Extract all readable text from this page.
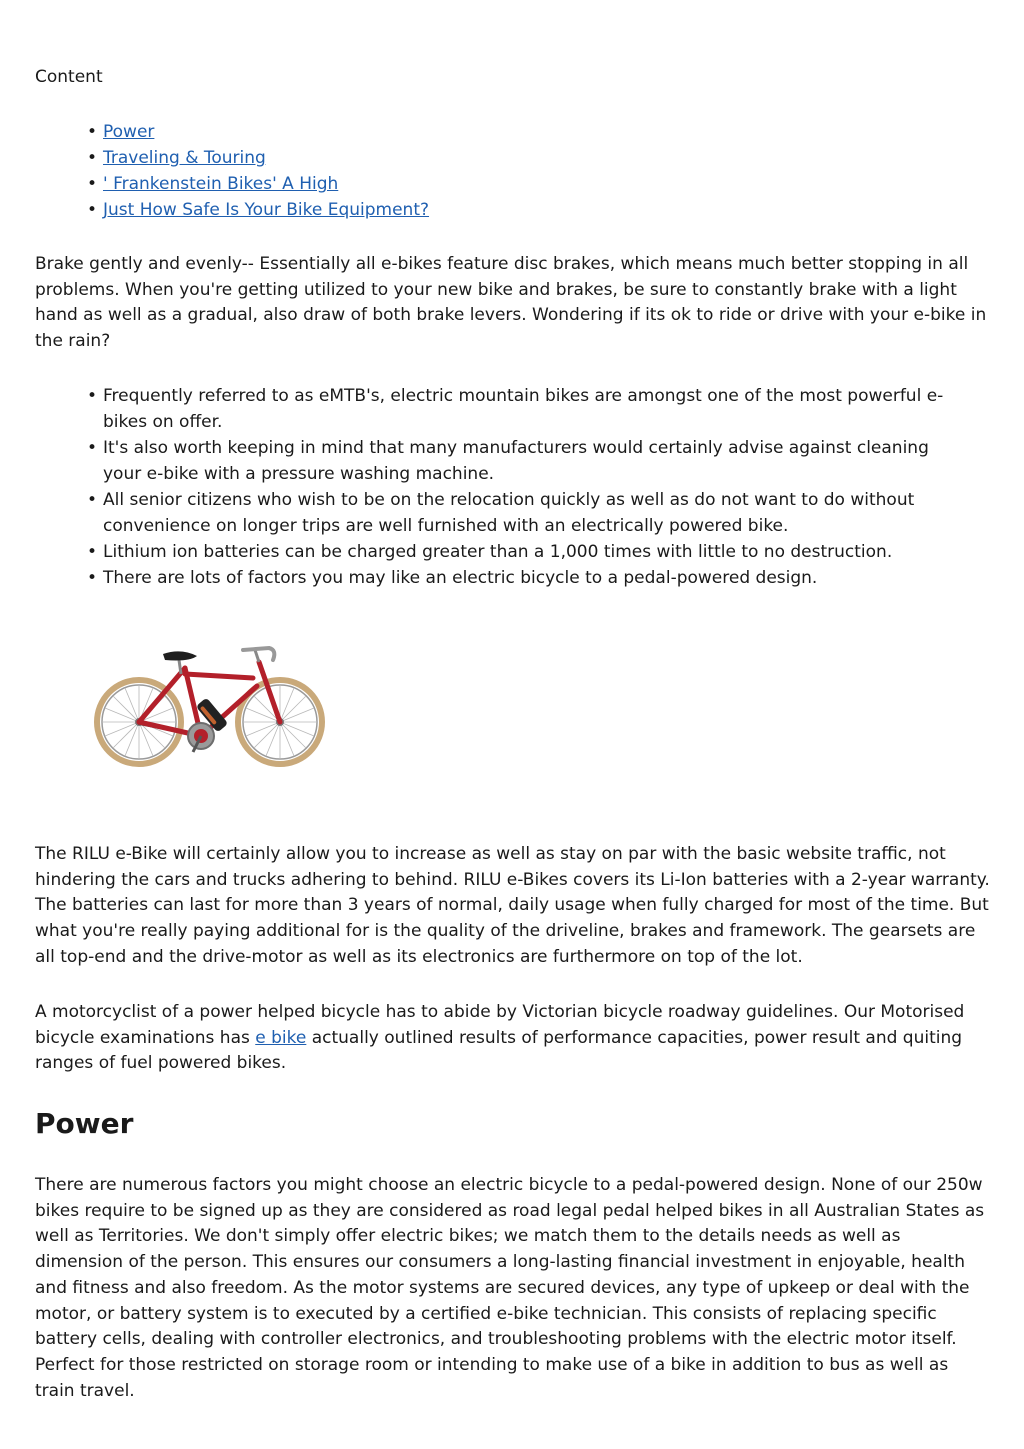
Content
• Power
• Traveling & Touring
• ' Frankenstein Bikes' A High
• Just How Safe Is Your Bike Equipment?

Brake gently and evenly-- Essentially all e-bikes feature disc brakes, which means much better stopping in all problems. When you're getting utilized to your new bike and brakes, be sure to constantly brake with a light hand as well as a gradual, also draw of both brake levers. Wondering if its ok to ride or drive with your e-bike in the rain?

• Frequently referred to as eMTB's, electric mountain bikes are amongst one of the most powerful e-bikes on offer.
• It's also worth keeping in mind that many manufacturers would certainly advise against cleaning your e-bike with a pressure washing machine.
• All senior citizens who wish to be on the relocation quickly as well as do not want to do without convenience on longer trips are well furnished with an electrically powered bike.
• Lithium ion batteries can be charged greater than a 1,000 times with little to no destruction.
• There are lots of factors you may like an electric bicycle to a pedal-powered design.

The RILU e-Bike will certainly allow you to increase as well as stay on par with the basic website traffic, not hindering the cars and trucks adhering to behind. RILU e-Bikes covers its Li-Ion batteries with a 2-year warranty. The batteries can last for more than 3 years of normal, daily usage when fully charged for most of the time. But what you're really paying additional for is the quality of the driveline, brakes and framework. The gearsets are all top-end and the drive-motor as well as its electronics are furthermore on top of the lot.

A motorcyclist of a power helped bicycle has to abide by Victorian bicycle roadway guidelines. Our Motorised bicycle examinations has e bike actually outlined results of performance capacities, power result and quiting ranges of fuel powered bikes.

Power

There are numerous factors you might choose an electric bicycle to a pedal-powered design. None of our 250w bikes require to be signed up as they are considered as road legal pedal helped bikes in all Australian States as well as Territories. We don't simply offer electric bikes; we match them to the details needs as well as dimension of the person. This ensures our consumers a long-lasting financial investment in enjoyable, health and fitness and also freedom. As the motor systems are secured devices, any type of upkeep or deal with the motor, or battery system is to executed by a certified e-bike technician. This consists of replacing specific battery cells, dealing with controller electronics, and troubleshooting problems with the electric motor itself. Perfect for those restricted on storage room or intending to make use of a bike in addition to bus as well as train travel.
